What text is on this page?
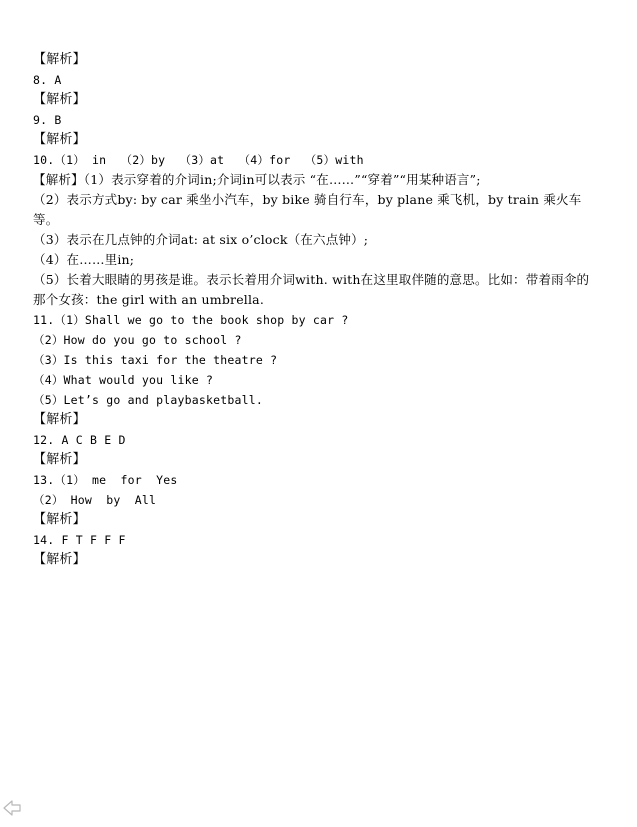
【解析】
8. A
【解析】
9. B
【解析】
10.（1） in  （2）by  （3）at  （4）for  （5）with
【解析】（1）表示穿着的介词in;介词in可以表示 “在……”“穿着”“用某种语言”;
（2）表示方式by: by car 乘坐小汽车，by bike 骑自行车，by plane 乘飞机，by train 乘火车等。
（3）表示在几点钟的介词at: at six o’clock（在六点钟）;
（4）在……里in;
（5）长着大眼睛的男孩是谁。表示长着用介词with. with在这里取伴随的意思。比如：带着雨伞的那个女孩：the girl with an umbrella.
11.（1）Shall we go to the book shop by car ?
（2）How do you go to school ?
（3）Is this taxi for the theatre ?
（4）What would you like ?
（5）Let’s go and playbasketball.
【解析】
12. A C B E D
【解析】
13.（1） me  for  Yes
（2） How  by  All
【解析】
14. F T F F F
【解析】
